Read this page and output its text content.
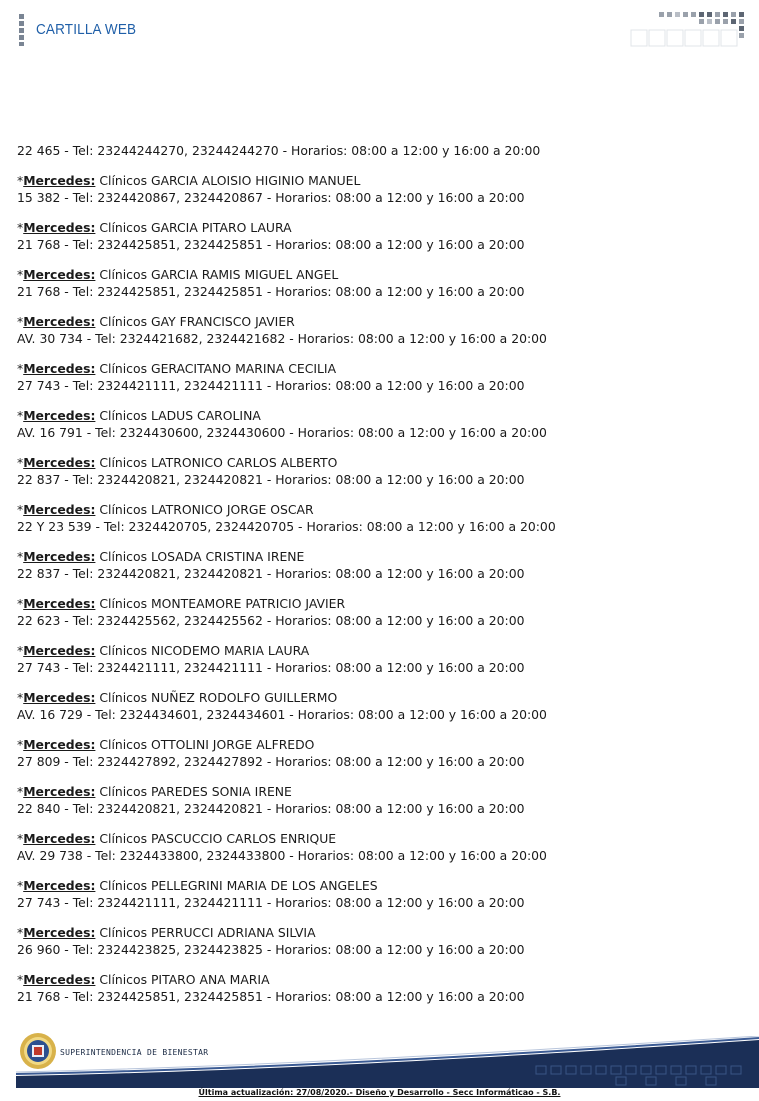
CARTILLA WEB
22 465 - Tel: 23244244270, 23244244270 - Horarios: 08:00 a 12:00 y 16:00 a 20:00
*Mercedes: Clínicos GARCIA ALOISIO HIGINIO MANUEL
15 382 - Tel: 2324420867, 2324420867 - Horarios: 08:00 a 12:00 y 16:00 a 20:00
*Mercedes: Clínicos GARCIA PITARO LAURA
21 768 - Tel: 2324425851, 2324425851 - Horarios: 08:00 a 12:00 y 16:00 a 20:00
*Mercedes: Clínicos GARCIA RAMIS MIGUEL ANGEL
21 768 - Tel: 2324425851, 2324425851 - Horarios: 08:00 a 12:00 y 16:00 a 20:00
*Mercedes: Clínicos GAY FRANCISCO JAVIER
AV. 30 734 - Tel: 2324421682, 2324421682 - Horarios: 08:00 a 12:00 y 16:00 a 20:00
*Mercedes: Clínicos GERACITANO MARINA CECILIA
27 743 - Tel: 2324421111, 2324421111 - Horarios: 08:00 a 12:00 y 16:00 a 20:00
*Mercedes: Clínicos LADUS CAROLINA
AV. 16 791 - Tel: 2324430600, 2324430600 - Horarios: 08:00 a 12:00 y 16:00 a 20:00
*Mercedes: Clínicos LATRONICO CARLOS ALBERTO
22 837 - Tel: 2324420821, 2324420821 - Horarios: 08:00 a 12:00 y 16:00 a 20:00
*Mercedes: Clínicos LATRONICO JORGE OSCAR
22 Y 23 539 - Tel: 2324420705, 2324420705 - Horarios: 08:00 a 12:00 y 16:00 a 20:00
*Mercedes: Clínicos LOSADA CRISTINA IRENE
22 837 - Tel: 2324420821, 2324420821 - Horarios: 08:00 a 12:00 y 16:00 a 20:00
*Mercedes: Clínicos MONTEAMORE PATRICIO JAVIER
22 623 - Tel: 2324425562, 2324425562 - Horarios: 08:00 a 12:00 y 16:00 a 20:00
*Mercedes: Clínicos NICODEMO MARIA LAURA
27 743 - Tel: 2324421111, 2324421111 - Horarios: 08:00 a 12:00 y 16:00 a 20:00
*Mercedes: Clínicos NUÑEZ RODOLFO GUILLERMO
AV. 16 729 - Tel: 2324434601, 2324434601 - Horarios: 08:00 a 12:00 y 16:00 a 20:00
*Mercedes: Clínicos OTTOLINI JORGE ALFREDO
27 809 - Tel: 2324427892, 2324427892 - Horarios: 08:00 a 12:00 y 16:00 a 20:00
*Mercedes: Clínicos PAREDES SONIA IRENE
22 840 - Tel: 2324420821, 2324420821 - Horarios: 08:00 a 12:00 y 16:00 a 20:00
*Mercedes: Clínicos PASCUCCIO CARLOS ENRIQUE
AV. 29 738 - Tel: 2324433800, 2324433800 - Horarios: 08:00 a 12:00 y 16:00 a 20:00
*Mercedes: Clínicos PELLEGRINI MARIA DE LOS ANGELES
27 743 - Tel: 2324421111, 2324421111 - Horarios: 08:00 a 12:00 y 16:00 a 20:00
*Mercedes: Clínicos PERRUCCI ADRIANA SILVIA
26 960 - Tel: 2324423825, 2324423825 - Horarios: 08:00 a 12:00 y 16:00 a 20:00
*Mercedes: Clínicos PITARO ANA MARIA
21 768 - Tel: 2324425851, 2324425851 - Horarios: 08:00 a 12:00 y 16:00 a 20:00
SUPERINTENDENCIA DE BIENESTAR
Última actualización: 27/08/2020.- Diseño y Desarrollo - Secc Informáticao - S.B.
